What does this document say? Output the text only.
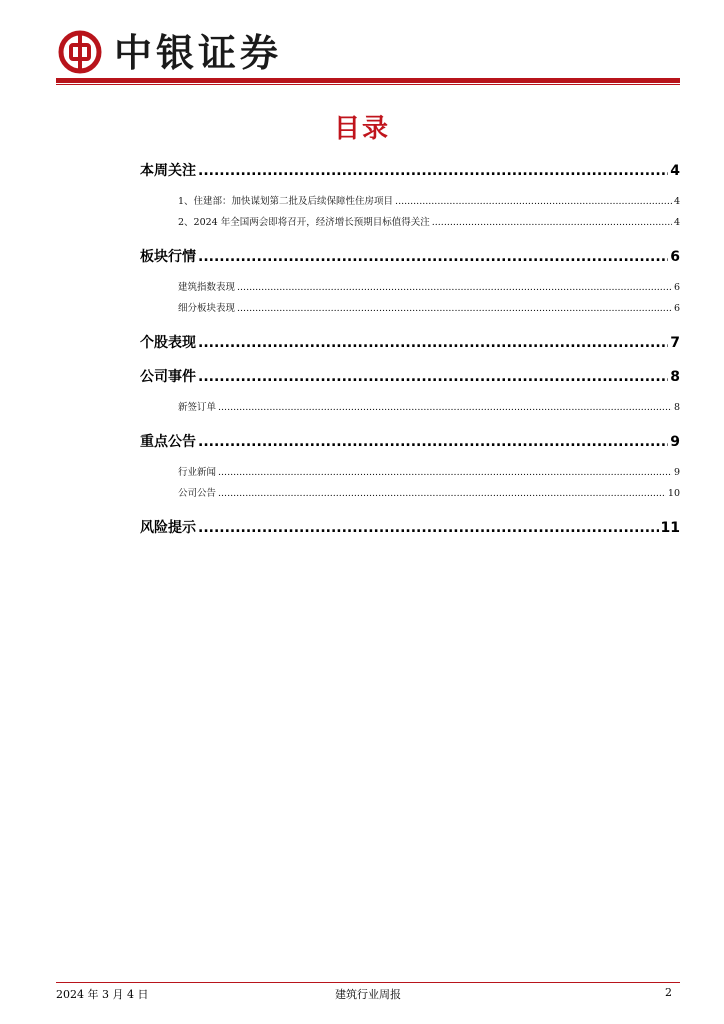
中银证券
目录
本周关注 .....	4
1、住建部：加快谋划第二批及后续保障性住房项目 .....	4
2、2024 年全国两会即将召开，经济增长预期目标值得关注 .....	4
板块行情 .....	6
建筑指数表现 .....	6
细分板块表现 .....	6
个股表现 .....	7
公司事件 .....	8
新签订单 .....	8
重点公告 .....	9
行业新闻 .....	9
公司公告 .....	10
风险提示 .....	11
2024 年 3 月 4 日	建筑行业周报	2
